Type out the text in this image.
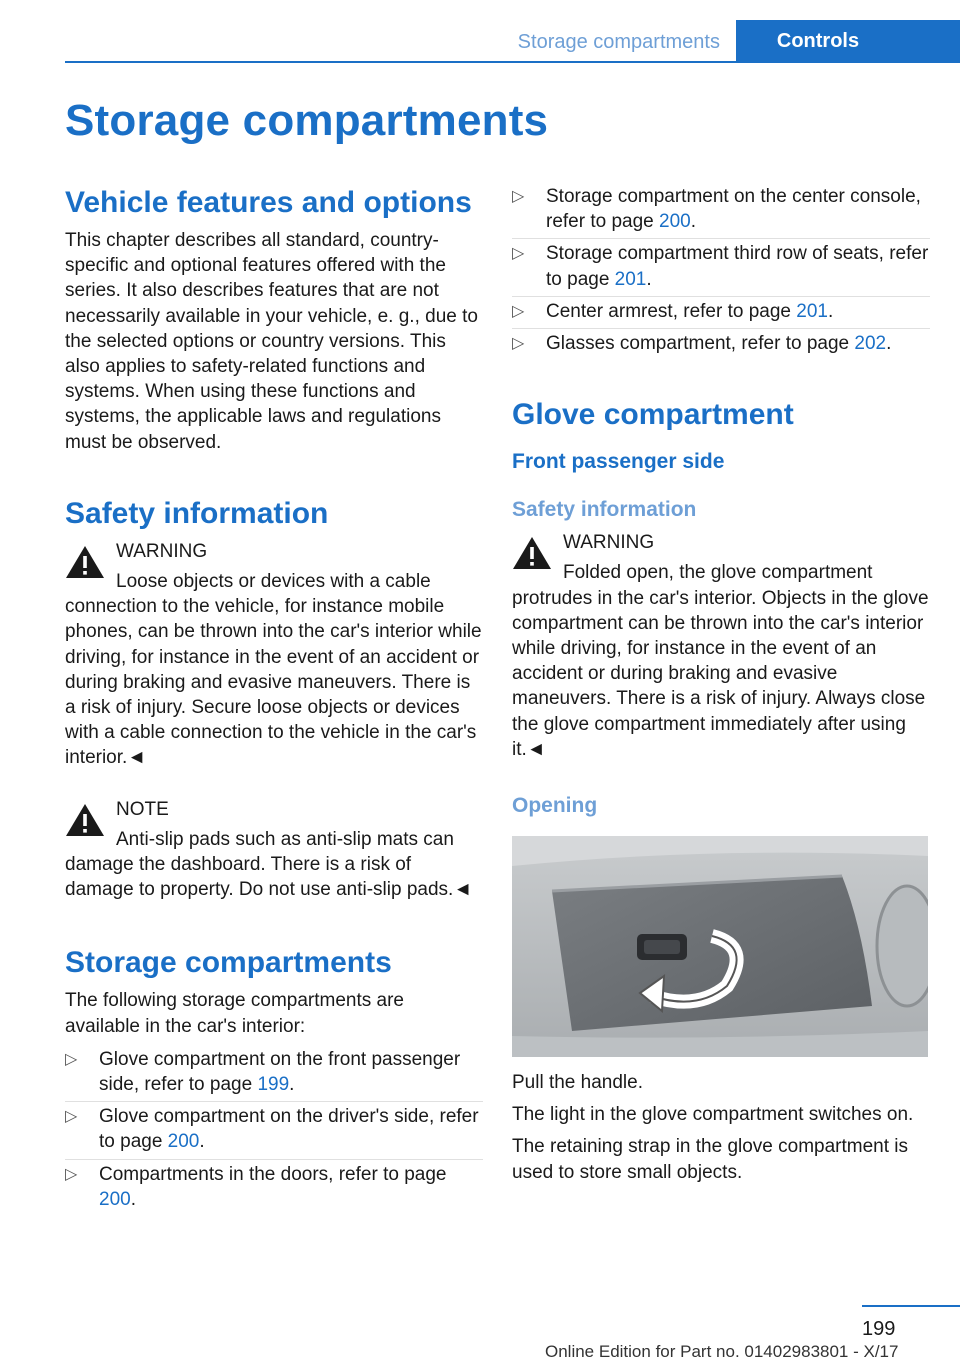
Storage compartments	Controls
Storage compartments
Vehicle features and options

This chapter describes all standard, country-specific and optional features offered with the series. It also describes features that are not necessarily available in your vehicle, e. g., due to the selected options or country versions. This also applies to safety-related functions and systems. When using these functions and systems, the applicable laws and regulations must be observed.

Safety information

WARNING

Loose objects or devices with a cable

connection to the vehicle, for instance mobile phones, can be thrown into the car's interior while driving, for instance in the event of an accident or during braking and evasive maneuvers. There is a risk of injury. Secure loose objects or devices with a cable connection to the vehicle in the car's interior.◄

NOTE

Anti-slip pads such as anti-slip mats can

damage the dashboard. There is a risk of damage to property. Do not use anti-slip pads.◄

Storage compartments

The following storage compartments are available in the car's interior:

▷ Glove compartment on the front passenger side, refer to page 199.
▷ Glove compartment on the driver's side, refer to page 200.
▷ Compartments in the doors, refer to page 200.
▷ Storage compartment on the center console, refer to page 200.
▷ Storage compartment third row of seats, refer to page 201.
▷ Center armrest, refer to page 201.
▷ Glasses compartment, refer to page 202.
Glove compartment
Front passenger side
Safety information

WARNING

Folded open, the glove compartment

protrudes in the car's interior. Objects in the glove compartment can be thrown into the car's interior while driving, for instance in the event of an accident or during braking and evasive maneuvers. There is a risk of injury. Always close the glove compartment immediately after using it.◄

Opening

Pull the handle.

The light in the glove compartment switches on.

The retaining strap in the glove compartment is used to store small objects.

199
Online Edition for Part no. 01402983801 - X/17
